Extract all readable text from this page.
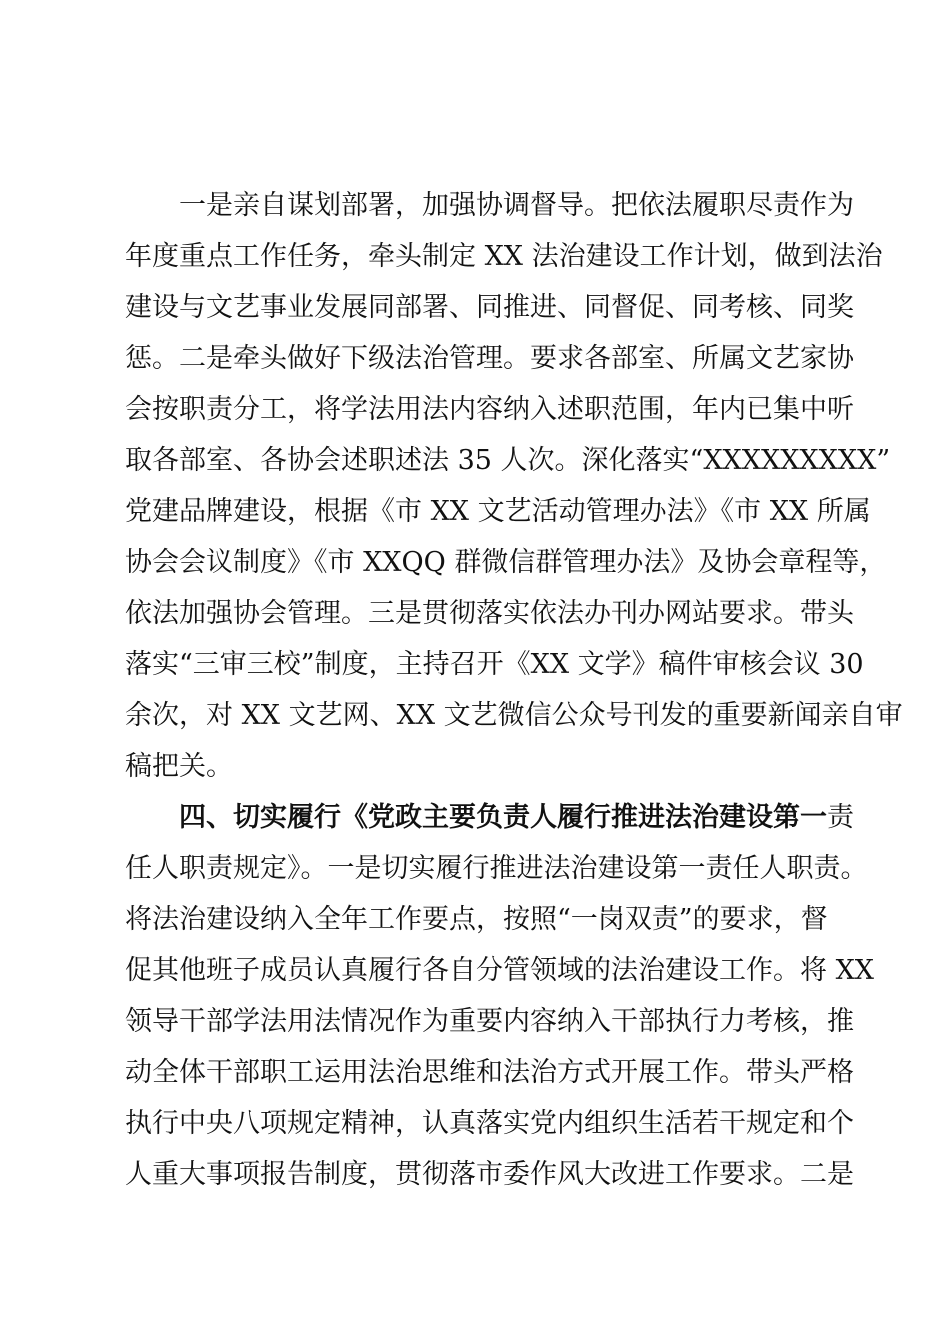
一是亲自谋划部署，加强协调督导。把依法履职尽责作为
年度重点工作任务，牵头制定 XX 法治建设工作计划，做到法治
建设与文艺事业发展同部署、同推进、同督促、同考核、同奖
惩。二是牵头做好下级法治管理。要求各部室、所属文艺家协
会按职责分工，将学法用法内容纳入述职范围，年内已集中听
取各部室、各协会述职述法 35 人次。深化落实“XXXXXXXXX”
党建品牌建设，根据《市 XX 文艺活动管理办法》《市 XX 所属
协会会议制度》《市 XXQQ 群微信群管理办法》及协会章程等，
依法加强协会管理。三是贯彻落实依法办刊办网站要求。带头
落实“三审三校”制度，主持召开《XX 文学》稿件审核会议 30
余次，对 XX 文艺网、XX 文艺微信公众号刊发的重要新闻亲自审
稿把关。
四、切实履行《党政主要负责人履行推进法治建设第一责
任人职责规定》。一是切实履行推进法治建设第一责任人职责。
将法治建设纳入全年工作要点，按照“一岗双责”的要求，督
促其他班子成员认真履行各自分管领域的法治建设工作。将 XX
领导干部学法用法情况作为重要内容纳入干部执行力考核，推
动全体干部职工运用法治思维和法治方式开展工作。带头严格
执行中央八项规定精神，认真落实党内组织生活若干规定和个
人重大事项报告制度，贯彻落市委作风大改进工作要求。二是
